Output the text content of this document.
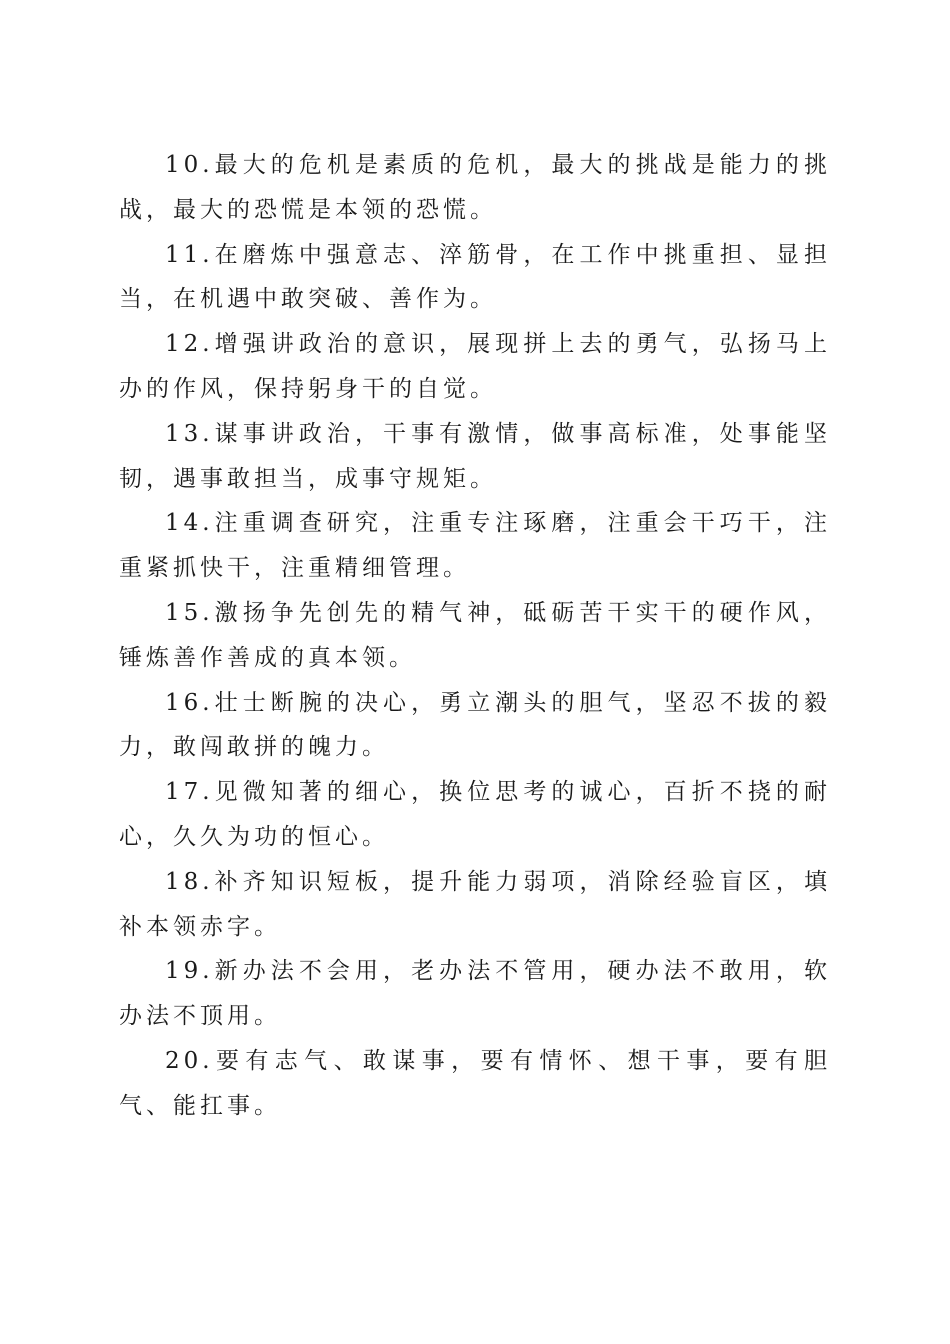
10.最大的危机是素质的危机，最大的挑战是能力的挑战，最大的恐慌是本领的恐慌。

11.在磨炼中强意志、淬筋骨，在工作中挑重担、显担当，在机遇中敢突破、善作为。

12.增强讲政治的意识，展现拼上去的勇气，弘扬马上办的作风，保持躬身干的自觉。

13.谋事讲政治，干事有激情，做事高标准，处事能坚韧，遇事敢担当，成事守规矩。

14.注重调查研究，注重专注琢磨，注重会干巧干，注重紧抓快干，注重精细管理。

15.激扬争先创先的精气神，砥砺苦干实干的硬作风，锤炼善作善成的真本领。

16.壮士断腕的决心，勇立潮头的胆气，坚忍不拔的毅力，敢闯敢拼的魄力。

17.见微知著的细心，换位思考的诚心，百折不挠的耐心，久久为功的恒心。

18.补齐知识短板，提升能力弱项，消除经验盲区，填补本领赤字。

19.新办法不会用，老办法不管用，硬办法不敢用，软办法不顶用。

20.要有志气、敢谋事，要有情怀、想干事，要有胆气、能扛事。
